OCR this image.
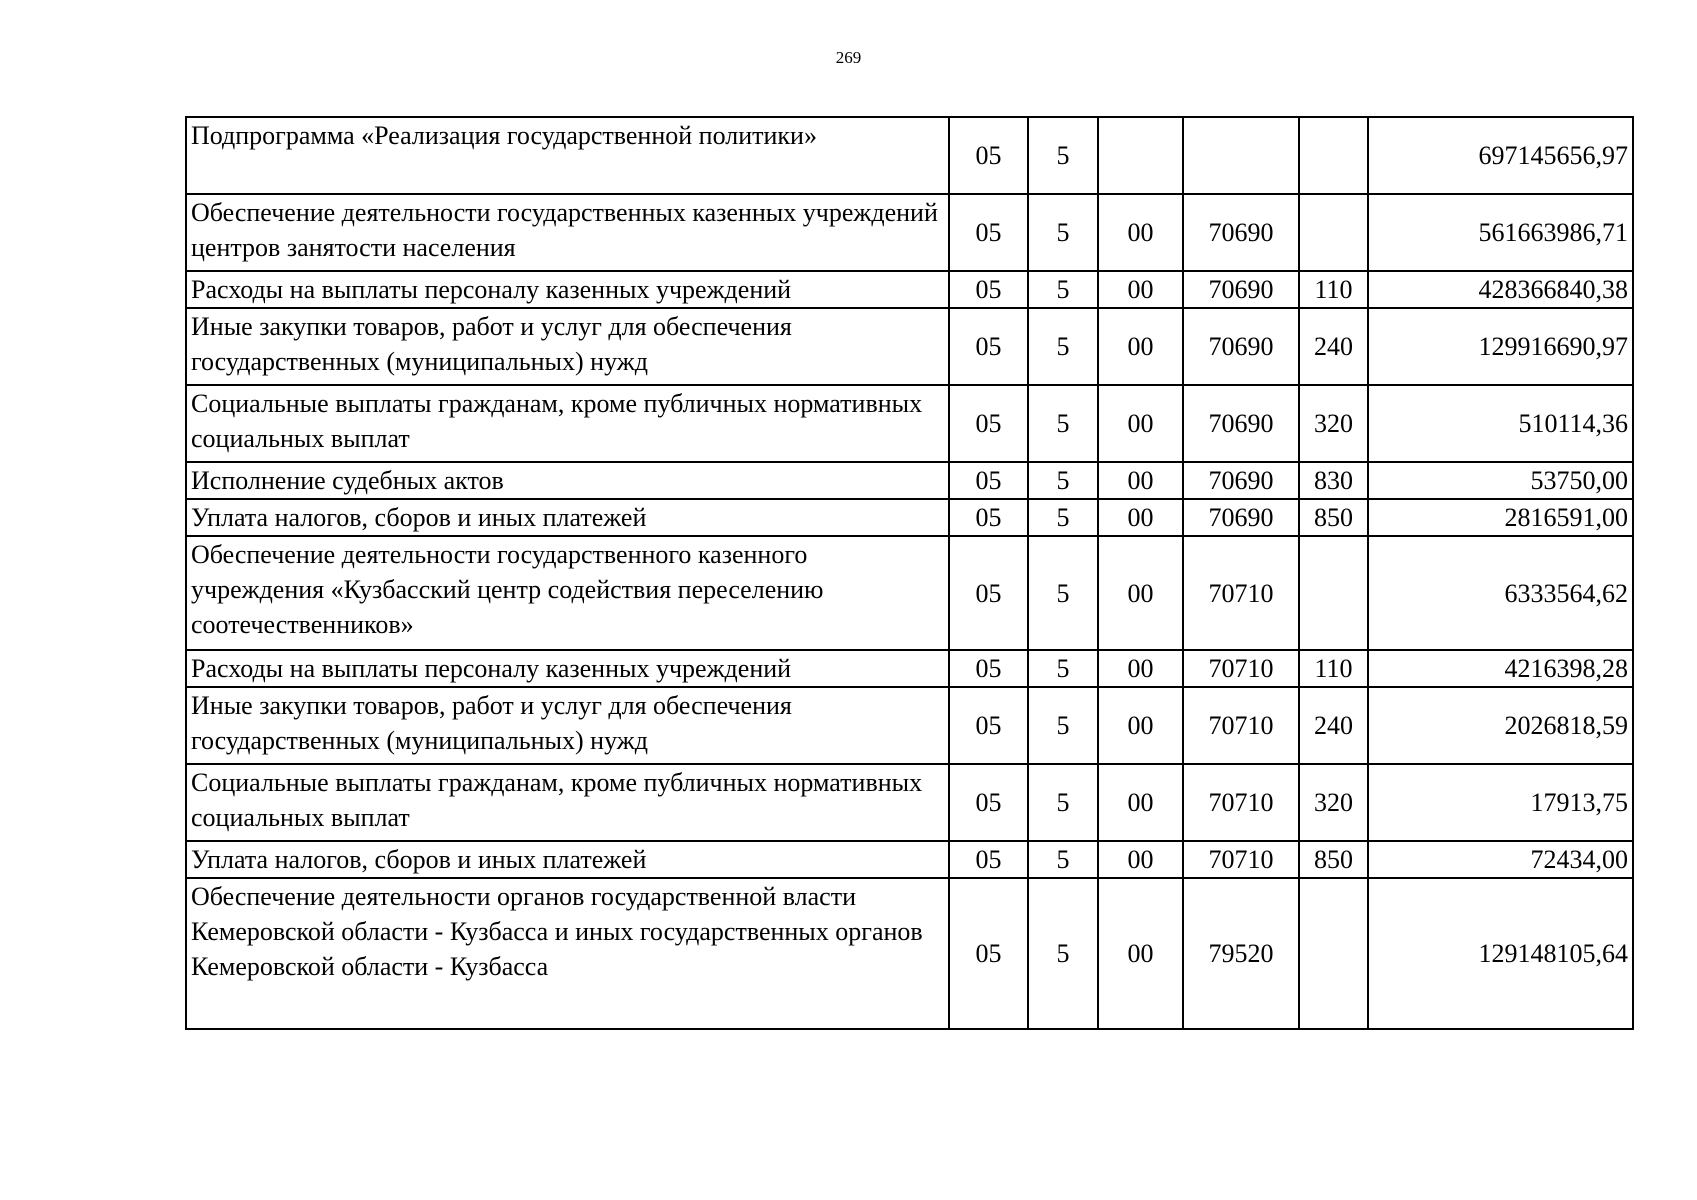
269
Подпрограмма «Реализация государственной политики»	05	5				697145656,97
Обеспечение деятельности государственных казенных учреждений центров занятости населения	05	5	00	70690		561663986,71
Расходы на выплаты персоналу казенных учреждений	05	5	00	70690	110	428366840,38
Иные закупки товаров, работ и услуг для обеспечения государственных (муниципальных) нужд	05	5	00	70690	240	129916690,97
Социальные выплаты гражданам, кроме публичных нормативных социальных выплат	05	5	00	70690	320	510114,36
Исполнение судебных актов	05	5	00	70690	830	53750,00
Уплата налогов, сборов и иных платежей	05	5	00	70690	850	2816591,00
Обеспечение деятельности государственного казенного учреждения «Кузбасский центр содействия переселению соотечественников»	05	5	00	70710		6333564,62
Расходы на выплаты персоналу казенных учреждений	05	5	00	70710	110	4216398,28
Иные закупки товаров, работ и услуг для обеспечения государственных (муниципальных) нужд	05	5	00	70710	240	2026818,59
Социальные выплаты гражданам, кроме публичных нормативных социальных выплат	05	5	00	70710	320	17913,75
Уплата налогов, сборов и иных платежей	05	5	00	70710	850	72434,00
Обеспечение деятельности органов государственной власти Кемеровской области - Кузбасса и иных государственных органов Кемеровской области - Кузбасса	05	5	00	79520		129148105,64
